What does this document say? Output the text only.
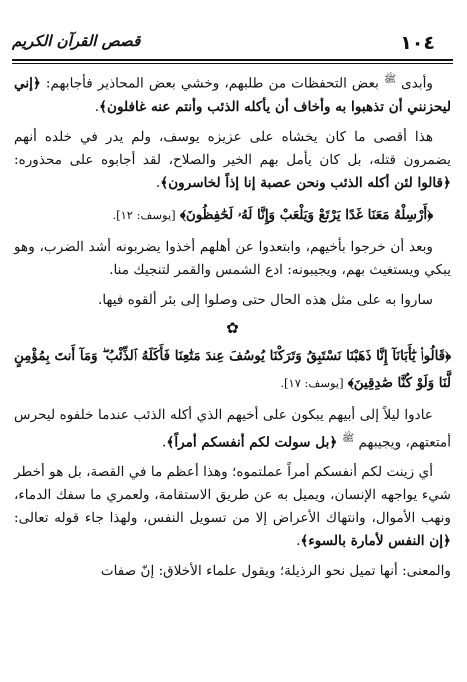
١٠٤
قصص القرآن الكريم

وأبدى $^ﷺ$ بعض التحفظات من طلبهم، وخشي بعض المحاذير فأجابهم: ﴿إني ليحزنني أن تذهبوا به وأخاف أن يأكله الذئب وأنتم عنه غافلون﴾.

هذا أقصى ما كان يخشاه على عزيزه يوسف، ولم يدر في خلده أنهم يضمرون قتله، بل كان يأمل بهم الخير والصلاح، لقد أجابوه على محذوره: ﴿قالوا لئن أكله الذئب ونحن عصبة إنا إذاً لخاسرون﴾.

﴿أَرْسِلْهُ مَعَنَا غَدًا يَرْتَعْ وَيَلْعَبْ وَإِنَّا لَهُۥ لَحَٰفِظُونَ﴾ [يوسف: ١٢].

وبعد أن خرجوا بأخيهم، وابتعدوا عن أهلهم أخذوا يضربونه أشد الضرب، وهو يبكي ويستغيث بهم، ويجيبونه: ادع الشمس والقمر لتنجيك منا.

ساروا به على مثل هذه الحال حتى وصلوا إلى بئر ألقوه فيها.

✿

﴿قَالُوا۟ يَٰٓأَبَانَآ إِنَّا ذَهَبْنَا نَسْتَبِقُ وَتَرَكْنَا يُوسُفَ عِندَ مَتَٰعِنَا فَأَكَلَهُ ٱلذِّئْبُ ۖ وَمَآ أَنتَ بِمُؤْمِنٍ لَّنَا وَلَوْ كُنَّا صَٰدِقِينَ﴾ [يوسف: ١٧].

عادوا ليلاً إلى أبيهم يبكون على أخيهم الذي أكله الذئب عندما خلفوه ليحرس أمتعتهم، ويجيبهم $^ﷺ$ ﴿بل سولت لكم أنفسكم أمراً﴾.

أي زينت لكم أنفسكم أمراً عملتموه؛ وهذا أعظم ما في القصة، بل هو أخطر شيء يواجهه الإنسان، ويميل به عن طريق الاستقامة، ولعمري ما سفك الدماء، ونهب الأموال، وانتهاك الأعراض إلا من تسويل النفس، ولهذا جاء قوله تعالى: ﴿إن النفس لأمارة بالسوء﴾.

والمعنى: أنها تميل نحو الرذيلة؛ ويقول علماء الأخلاق: إنّ صفات
